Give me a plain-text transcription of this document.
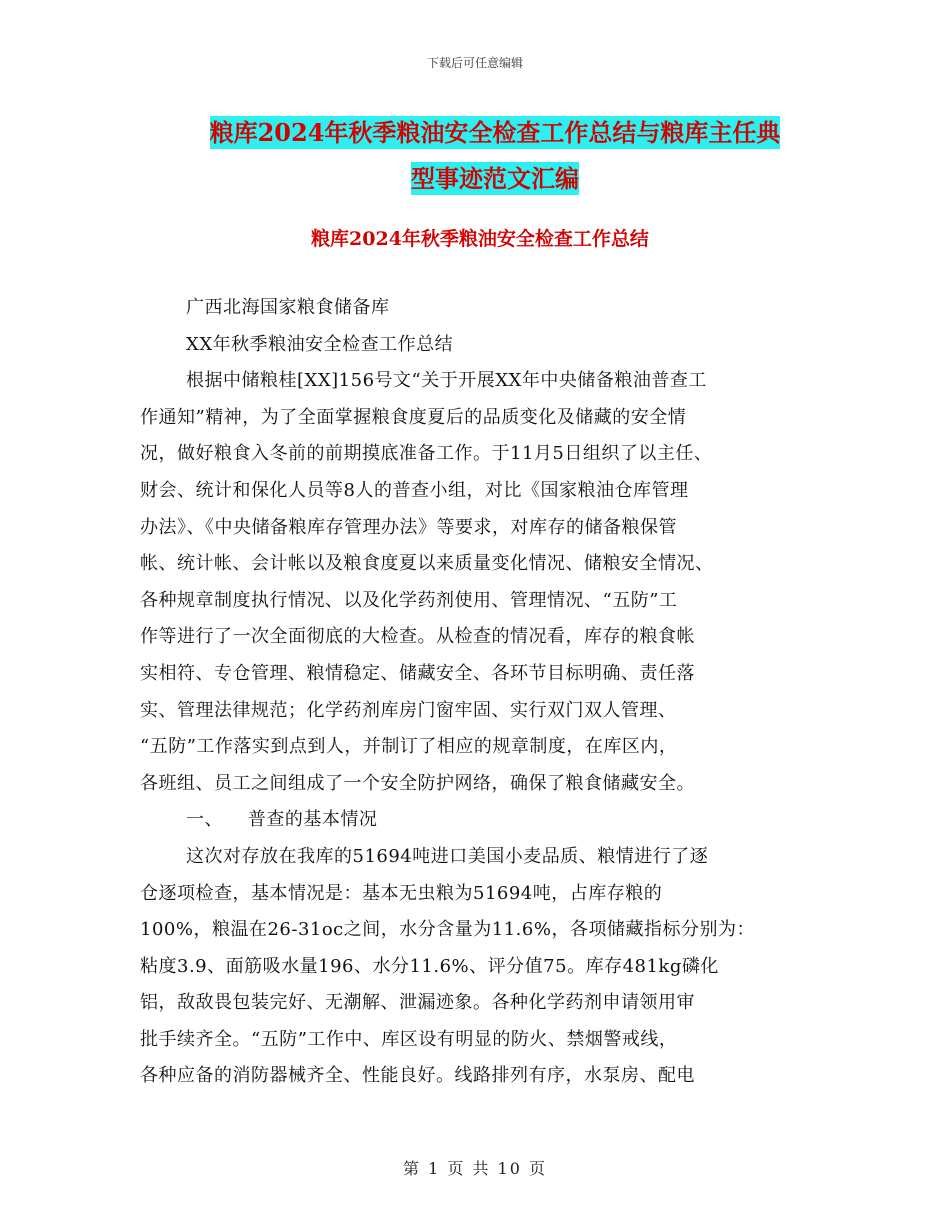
下载后可任意编辑
粮库2024年秋季粮油安全检查工作总结与粮库主任典
型事迹范文汇编
粮库2024年秋季粮油安全检查工作总结
广西北海国家粮食储备库
XX年秋季粮油安全检查工作总结
根据中储粮桂[XX]156号文“关于开展XX年中央储备粮油普查工
作通知”精神，为了全面掌握粮食度夏后的品质变化及储藏的安全情
况，做好粮食入冬前的前期摸底准备工作。于11月5日组织了以主任、
财会、统计和保化人员等8人的普查小组，对比《国家粮油仓库管理
办法》、《中央储备粮库存管理办法》等要求，对库存的储备粮保管
帐、统计帐、会计帐以及粮食度夏以来质量变化情况、储粮安全情况、
各种规章制度执行情况、以及化学药剂使用、管理情况、“五防”工
作等进行了一次全面彻底的大检查。从检查的情况看，库存的粮食帐
实相符、专仓管理、粮情稳定、储藏安全、各环节目标明确、责任落
实、管理法律规范；化学药剂库房门窗牢固、实行双门双人管理、
“五防”工作落实到点到人，并制订了相应的规章制度，在库区内，
各班组、员工之间组成了一个安全防护网络，确保了粮食储藏安全。
一、    普查的基本情况
这次对存放在我库的51694吨进口美国小麦品质、粮情进行了逐
仓逐项检查，基本情况是：基本无虫粮为51694吨，占库存粮的
100%，粮温在26-31oc之间，水分含量为11.6%，各项储藏指标分别为：
粘度3.9、面筋吸水量196、水分11.6%、评分值75。库存481kg磷化
铝，敌敌畏包装完好、无潮解、泄漏迹象。各种化学药剂申请领用审
批手续齐全。“五防”工作中、库区设有明显的防火、禁烟警戒线，
各种应备的消防器械齐全、性能良好。线路排列有序，水泵房、配电
第 1 页 共 10 页
